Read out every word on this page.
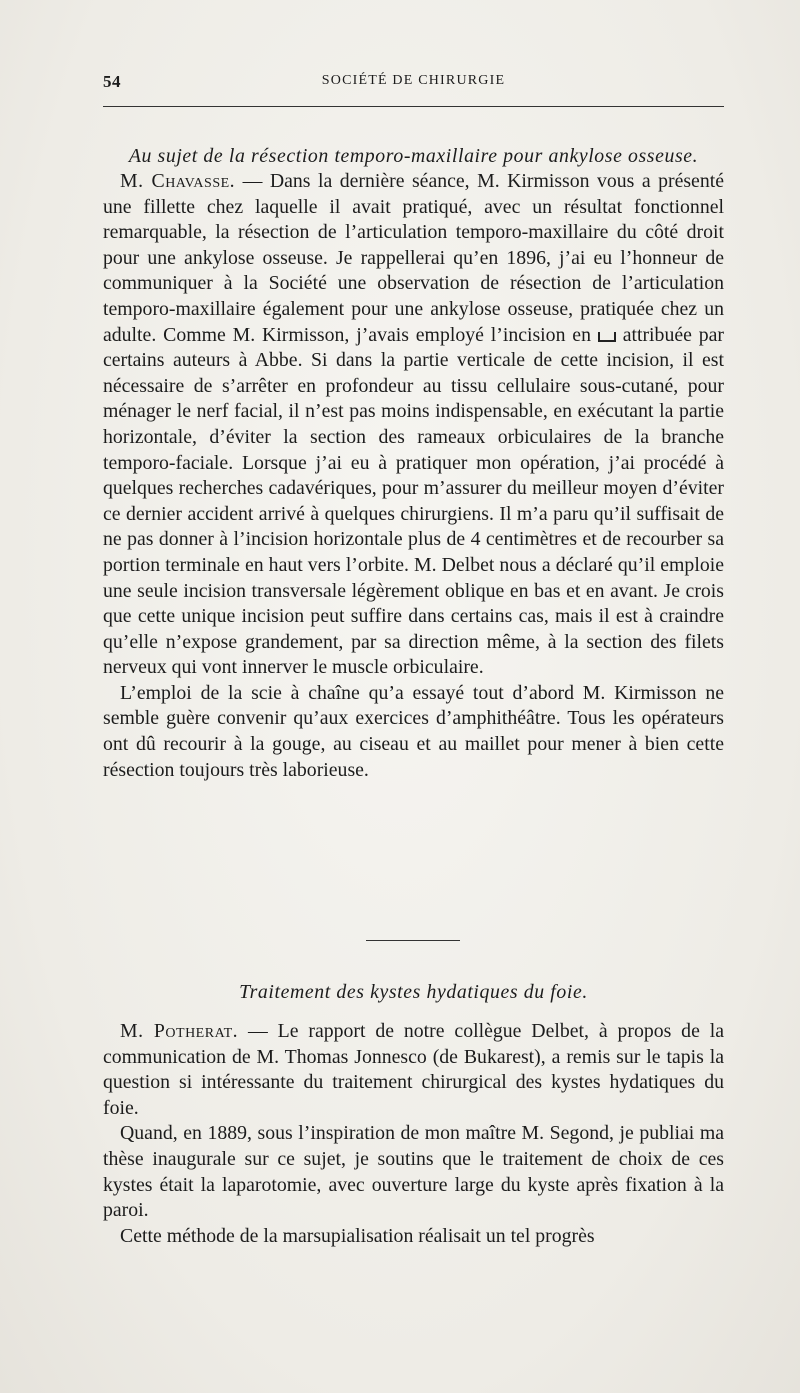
54	SOCIÉTÉ DE CHIRURGIE
Au sujet de la résection temporo-maxillaire pour ankylose osseuse.

M. Chavasse. — Dans la dernière séance, M. Kirmisson vous a présenté une fillette chez laquelle il avait pratiqué, avec un résultat fonctionnel remarquable, la résection de l’articulation temporo-maxillaire du côté droit pour une ankylose osseuse. Je rappellerai qu’en 1896, j’ai eu l’honneur de communiquer à la Société une observation de résection de l’articulation temporo-maxillaire également pour une ankylose osseuse, pratiquée chez un adulte. Comme M. Kirmisson, j’avais employé l’incision en attribuée par certains auteurs à Abbe. Si dans la partie verticale de cette incision, il est nécessaire de s’arrêter en profondeur au tissu cellulaire sous-cutané, pour ménager le nerf facial, il n’est pas moins indispensable, en exécutant la partie horizontale, d’éviter la section des rameaux orbiculaires de la branche temporo-faciale. Lorsque j’ai eu à pratiquer mon opération, j’ai procédé à quelques recherches cadavériques, pour m’assurer du meilleur moyen d’éviter ce dernier accident arrivé à quelques chirurgiens. Il m’a paru qu’il suffisait de ne pas donner à l’incision horizontale plus de 4 centimètres et de recourber sa portion terminale en haut vers l’orbite. M. Delbet nous a déclaré qu’il emploie une seule incision transversale légèrement oblique en bas et en avant. Je crois que cette unique incision peut suffire dans certains cas, mais il est à craindre qu’elle n’expose grandement, par sa direction même, à la section des filets nerveux qui vont innerver le muscle orbiculaire.

L’emploi de la scie à chaîne qu’a essayé tout d’abord M. Kirmisson ne semble guère convenir qu’aux exercices d’amphithéâtre. Tous les opérateurs ont dû recourir à la gouge, au ciseau et au maillet pour mener à bien cette résection toujours très laborieuse.

Traitement des kystes hydatiques du foie.

M. Potherat. — Le rapport de notre collègue Delbet, à propos de la communication de M. Thomas Jonnesco (de Bukarest), a remis sur le tapis la question si intéressante du traitement chirurgical des kystes hydatiques du foie.

Quand, en 1889, sous l’inspiration de mon maître M. Segond, je publiai ma thèse inaugurale sur ce sujet, je soutins que le traitement de choix de ces kystes était la laparotomie, avec ouverture large du kyste après fixation à la paroi.

Cette méthode de la marsupialisation réalisait un tel progrès
